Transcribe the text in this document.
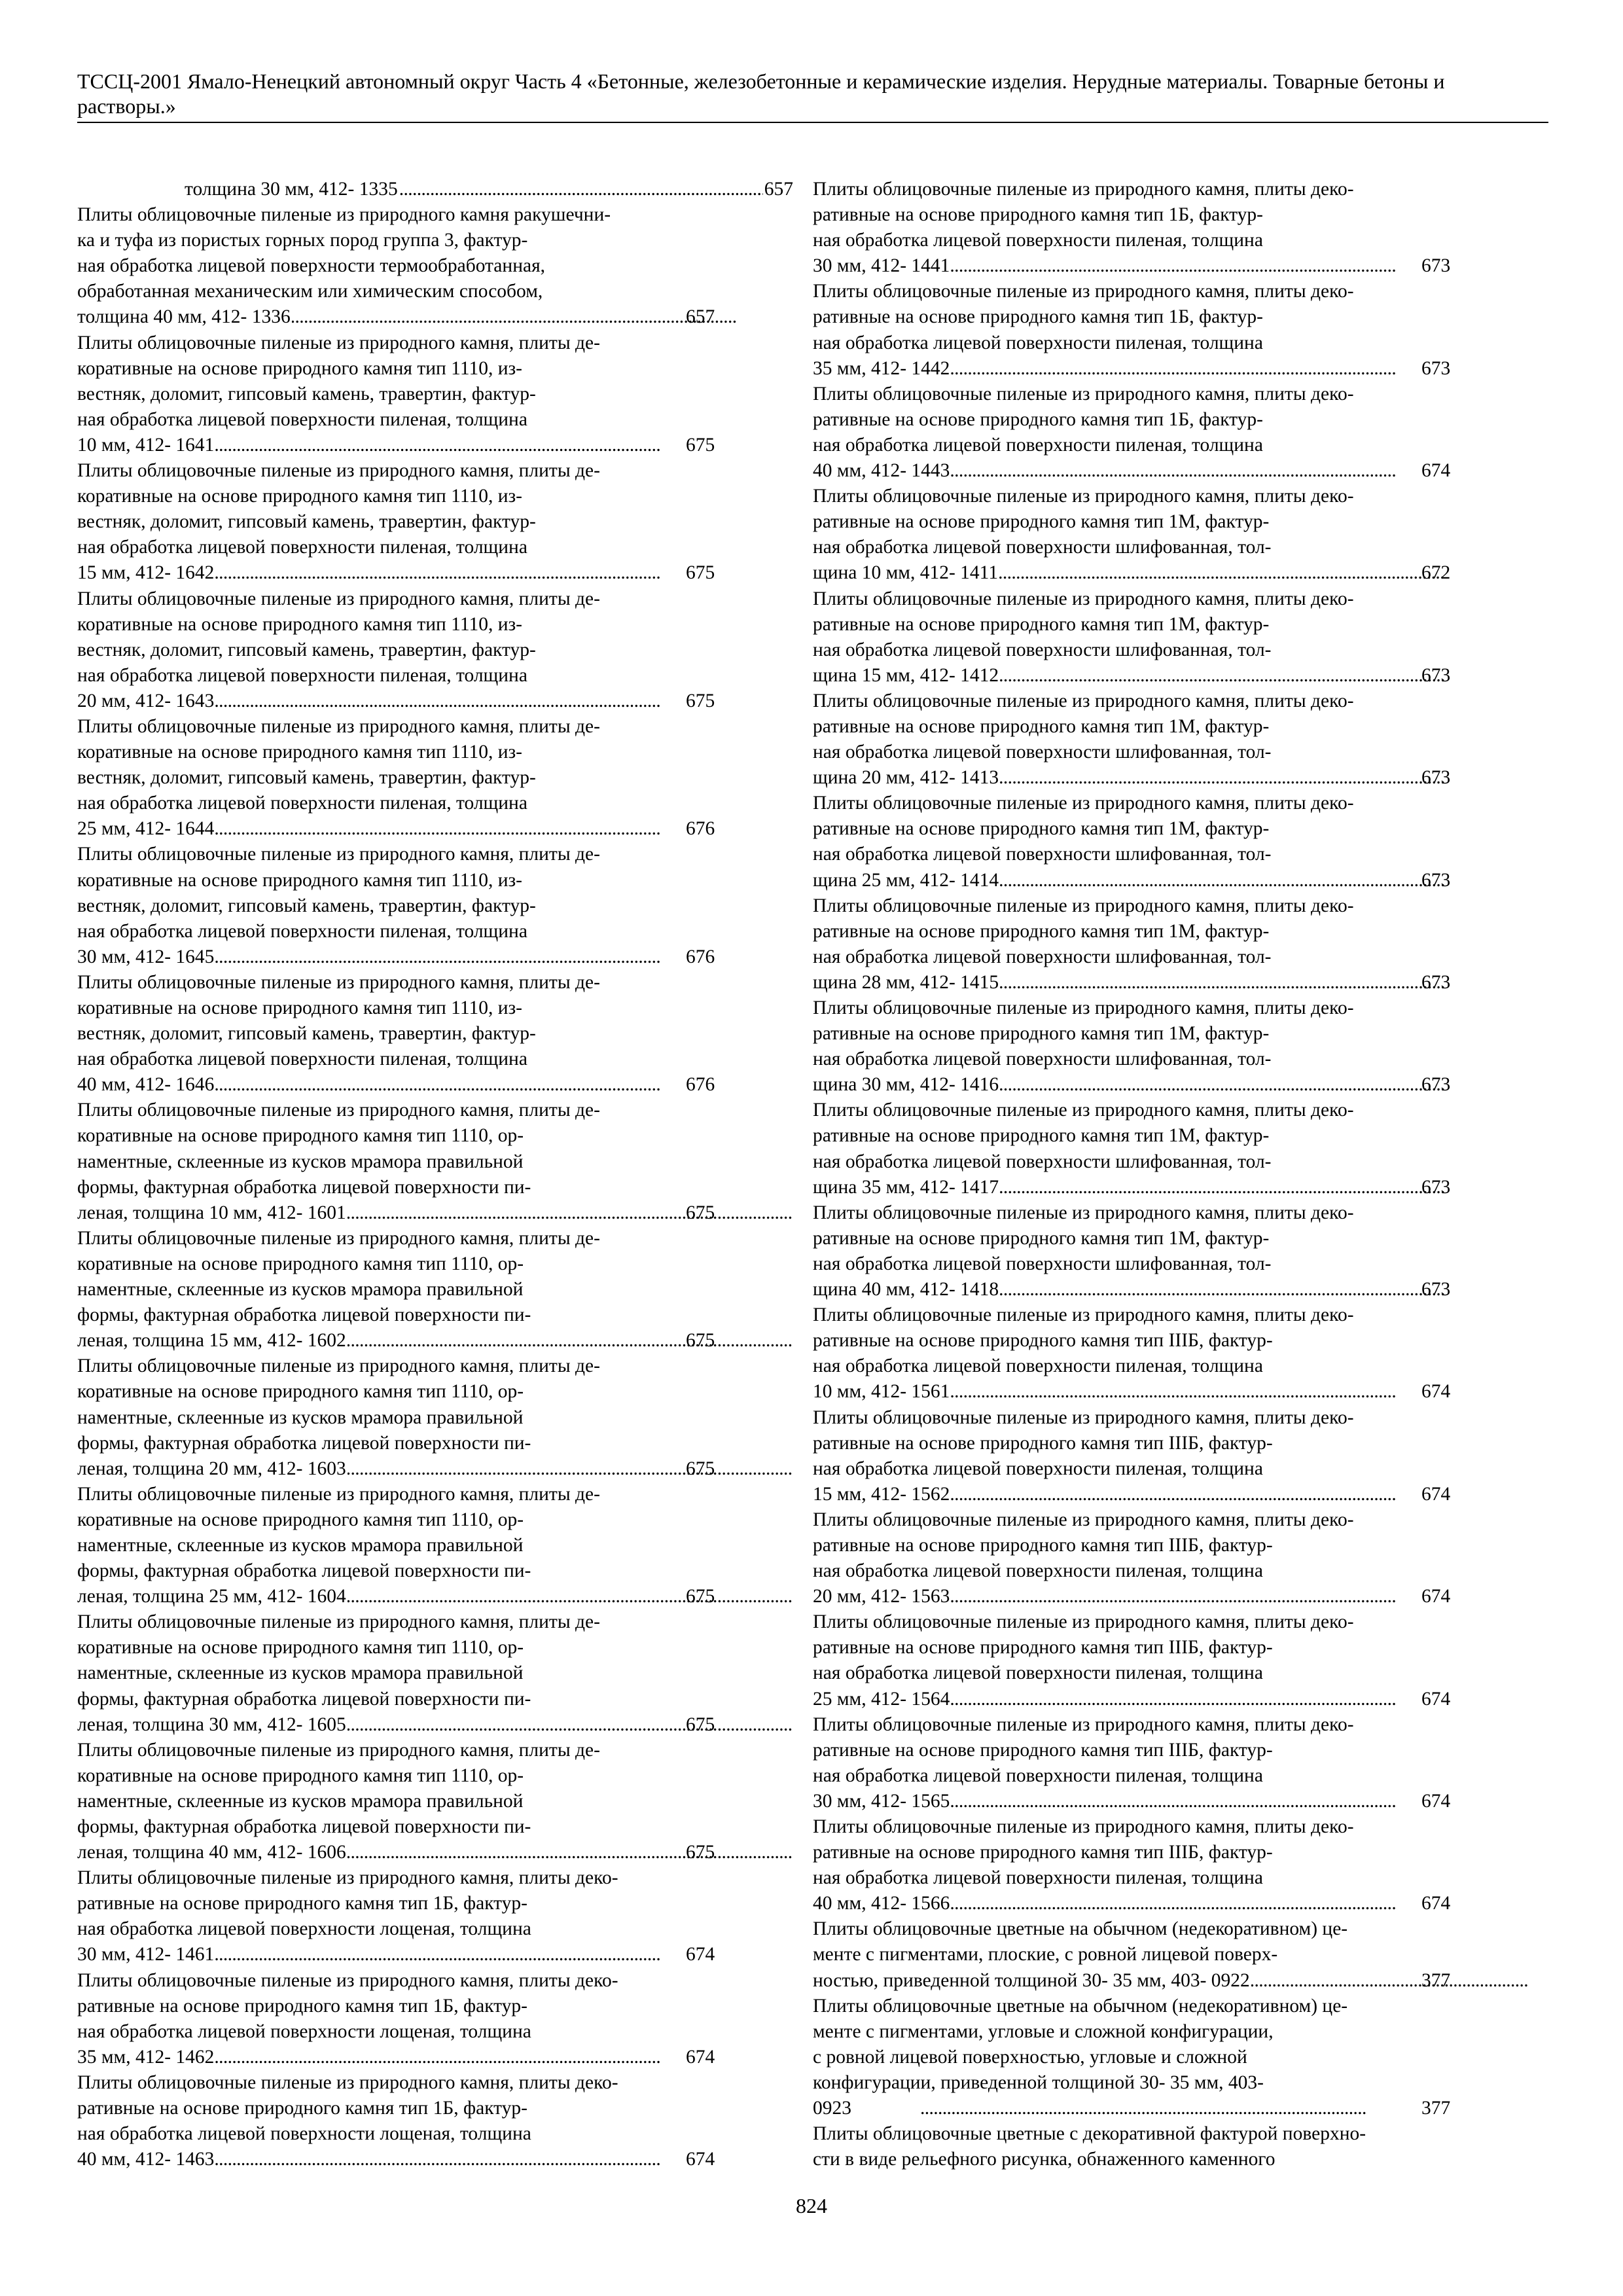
ТССЦ-2001 Ямало-Ненецкий автономный округ Часть 4 «Бетонные, железобетонные и керамические изделия. Нерудные материалы. Товарные бетоны и растворы.»
толщина 30 мм, 412- 1335 . . .	657
Плиты облицовочные пиленые из природного камня ракушечни-
ка и туфа из пористых горных пород группа 3, фактур-
ная обработка лицевой поверхности термообработанная,
обработанная механическим или химическим способом,
толщина 40 мм, 412- 1336 . . .	657
Плиты облицовочные пиленые из природного камня, плиты де-
коративные на основе природного камня тип 1110, из-
вестняк, доломит, гипсовый камень, травертин, фактур-
ная обработка лицевой поверхности пиленая, толщина
10 мм, 412- 1641 . . .	675
Плиты облицовочные пиленые из природного камня, плиты де-
коративные на основе природного камня тип 1110, из-
вестняк, доломит, гипсовый камень, травертин, фактур-
ная обработка лицевой поверхности пиленая, толщина
15 мм, 412- 1642 . . .	675
Плиты облицовочные пиленые из природного камня, плиты де-
коративные на основе природного камня тип 1110, из-
вестняк, доломит, гипсовый камень, травертин, фактур-
ная обработка лицевой поверхности пиленая, толщина
20 мм, 412- 1643 . . .	675
Плиты облицовочные пиленые из природного камня, плиты де-
коративные на основе природного камня тип 1110, из-
вестняк, доломит, гипсовый камень, травертин, фактур-
ная обработка лицевой поверхности пиленая, толщина
25 мм, 412- 1644 . . .	676
Плиты облицовочные пиленые из природного камня, плиты де-
коративные на основе природного камня тип 1110, из-
вестняк, доломит, гипсовый камень, травертин, фактур-
ная обработка лицевой поверхности пиленая, толщина
30 мм, 412- 1645 . . .	676
Плиты облицовочные пиленые из природного камня, плиты де-
коративные на основе природного камня тип 1110, из-
вестняк, доломит, гипсовый камень, травертин, фактур-
ная обработка лицевой поверхности пиленая, толщина
40 мм, 412- 1646 . . .	676
Плиты облицовочные пиленые из природного камня, плиты де-
коративные на основе природного камня тип 1110, ор-
наментные, склеенные из кусков мрамора правильной
формы, фактурная обработка лицевой поверхности пи-
леная, толщина 10 мм, 412- 1601 . . .	675
Плиты облицовочные пиленые из природного камня, плиты де-
коративные на основе природного камня тип 1110, ор-
наментные, склеенные из кусков мрамора правильной
формы, фактурная обработка лицевой поверхности пи-
леная, толщина 15 мм, 412- 1602 . . .	675
Плиты облицовочные пиленые из природного камня, плиты де-
коративные на основе природного камня тип 1110, ор-
наментные, склеенные из кусков мрамора правильной
формы, фактурная обработка лицевой поверхности пи-
леная, толщина 20 мм, 412- 1603 . . .	675
Плиты облицовочные пиленые из природного камня, плиты де-
коративные на основе природного камня тип 1110, ор-
наментные, склеенные из кусков мрамора правильной
формы, фактурная обработка лицевой поверхности пи-
леная, толщина 25 мм, 412- 1604 . . .	675
Плиты облицовочные пиленые из природного камня, плиты де-
коративные на основе природного камня тип 1110, ор-
наментные, склеенные из кусков мрамора правильной
формы, фактурная обработка лицевой поверхности пи-
леная, толщина 30 мм, 412- 1605 . . .	675
Плиты облицовочные пиленые из природного камня, плиты де-
коративные на основе природного камня тип 1110, ор-
наментные, склеенные из кусков мрамора правильной
формы, фактурная обработка лицевой поверхности пи-
леная, толщина 40 мм, 412- 1606 . . .	675
Плиты облицовочные пиленые из природного камня, плиты деко-
ративные на основе природного камня тип 1Б, фактур-
ная обработка лицевой поверхности лощеная, толщина
30 мм, 412- 1461 . . .	674
Плиты облицовочные пиленые из природного камня, плиты деко-
ративные на основе природного камня тип 1Б, фактур-
ная обработка лицевой поверхности лощеная, толщина
35 мм, 412- 1462 . . .	674
Плиты облицовочные пиленые из природного камня, плиты деко-
ративные на основе природного камня тип 1Б, фактур-
ная обработка лицевой поверхности лощеная, толщина
40 мм, 412- 1463 . . .	674
Плиты облицовочные пиленые из природного камня, плиты деко-
ративные на основе природного камня тип 1Б, фактур-
ная обработка лицевой поверхности пиленая, толщина
30 мм, 412- 1441 . . .	673
Плиты облицовочные пиленые из природного камня, плиты деко-
ративные на основе природного камня тип 1Б, фактур-
ная обработка лицевой поверхности пиленая, толщина
35 мм, 412- 1442 . . .	673
Плиты облицовочные пиленые из природного камня, плиты деко-
ративные на основе природного камня тип 1Б, фактур-
ная обработка лицевой поверхности пиленая, толщина
40 мм, 412- 1443 . . .	674
Плиты облицовочные пиленые из природного камня, плиты деко-
ративные на основе природного камня тип 1М, фактур-
ная обработка лицевой поверхности шлифованная, тол-
щина 10 мм, 412- 1411 . . .	672
Плиты облицовочные пиленые из природного камня, плиты деко-
ративные на основе природного камня тип 1М, фактур-
ная обработка лицевой поверхности шлифованная, тол-
щина 15 мм, 412- 1412 . . .	673
Плиты облицовочные пиленые из природного камня, плиты деко-
ративные на основе природного камня тип 1М, фактур-
ная обработка лицевой поверхности шлифованная, тол-
щина 20 мм, 412- 1413 . . .	673
Плиты облицовочные пиленые из природного камня, плиты деко-
ративные на основе природного камня тип 1М, фактур-
ная обработка лицевой поверхности шлифованная, тол-
щина 25 мм, 412- 1414 . . .	673
Плиты облицовочные пиленые из природного камня, плиты деко-
ративные на основе природного камня тип 1М, фактур-
ная обработка лицевой поверхности шлифованная, тол-
щина 28 мм, 412- 1415 . . .	673
Плиты облицовочные пиленые из природного камня, плиты деко-
ративные на основе природного камня тип 1М, фактур-
ная обработка лицевой поверхности шлифованная, тол-
щина 30 мм, 412- 1416 . . .	673
Плиты облицовочные пиленые из природного камня, плиты деко-
ративные на основе природного камня тип 1М, фактур-
ная обработка лицевой поверхности шлифованная, тол-
щина 35 мм, 412- 1417 . . .	673
Плиты облицовочные пиленые из природного камня, плиты деко-
ративные на основе природного камня тип 1М, фактур-
ная обработка лицевой поверхности шлифованная, тол-
щина 40 мм, 412- 1418 . . .	673
Плиты облицовочные пиленые из природного камня, плиты деко-
ративные на основе природного камня тип IIIБ, фактур-
ная обработка лицевой поверхности пиленая, толщина
10 мм, 412- 1561 . . .	674
Плиты облицовочные пиленые из природного камня, плиты деко-
ративные на основе природного камня тип IIIБ, фактур-
ная обработка лицевой поверхности пиленая, толщина
15 мм, 412- 1562 . . .	674
Плиты облицовочные пиленые из природного камня, плиты деко-
ративные на основе природного камня тип IIIБ, фактур-
ная обработка лицевой поверхности пиленая, толщина
20 мм, 412- 1563 . . .	674
Плиты облицовочные пиленые из природного камня, плиты деко-
ративные на основе природного камня тип IIIБ, фактур-
ная обработка лицевой поверхности пиленая, толщина
25 мм, 412- 1564 . . .	674
Плиты облицовочные пиленые из природного камня, плиты деко-
ративные на основе природного камня тип IIIБ, фактур-
ная обработка лицевой поверхности пиленая, толщина
30 мм, 412- 1565 . . .	674
Плиты облицовочные пиленые из природного камня, плиты деко-
ративные на основе природного камня тип IIIБ, фактур-
ная обработка лицевой поверхности пиленая, толщина
40 мм, 412- 1566 . . .	674
Плиты облицовочные цветные на обычном (недекоративном) це-
менте с пигментами, плоские, с ровной лицевой поверх-
ностью, приведенной толщиной 30- 35 мм, 403- 0922 . . .	377
Плиты облицовочные цветные на обычном (недекоративном) це-
менте с пигментами, угловые и сложной конфигурации,
с ровной лицевой поверхностью, угловые и сложной
конфигурации, приведенной толщиной 30- 35 мм, 403-
0923 . . .	377
Плиты облицовочные цветные с декоративной фактурой поверхно-
сти в виде рельефного рисунка, обнаженного каменного
824
